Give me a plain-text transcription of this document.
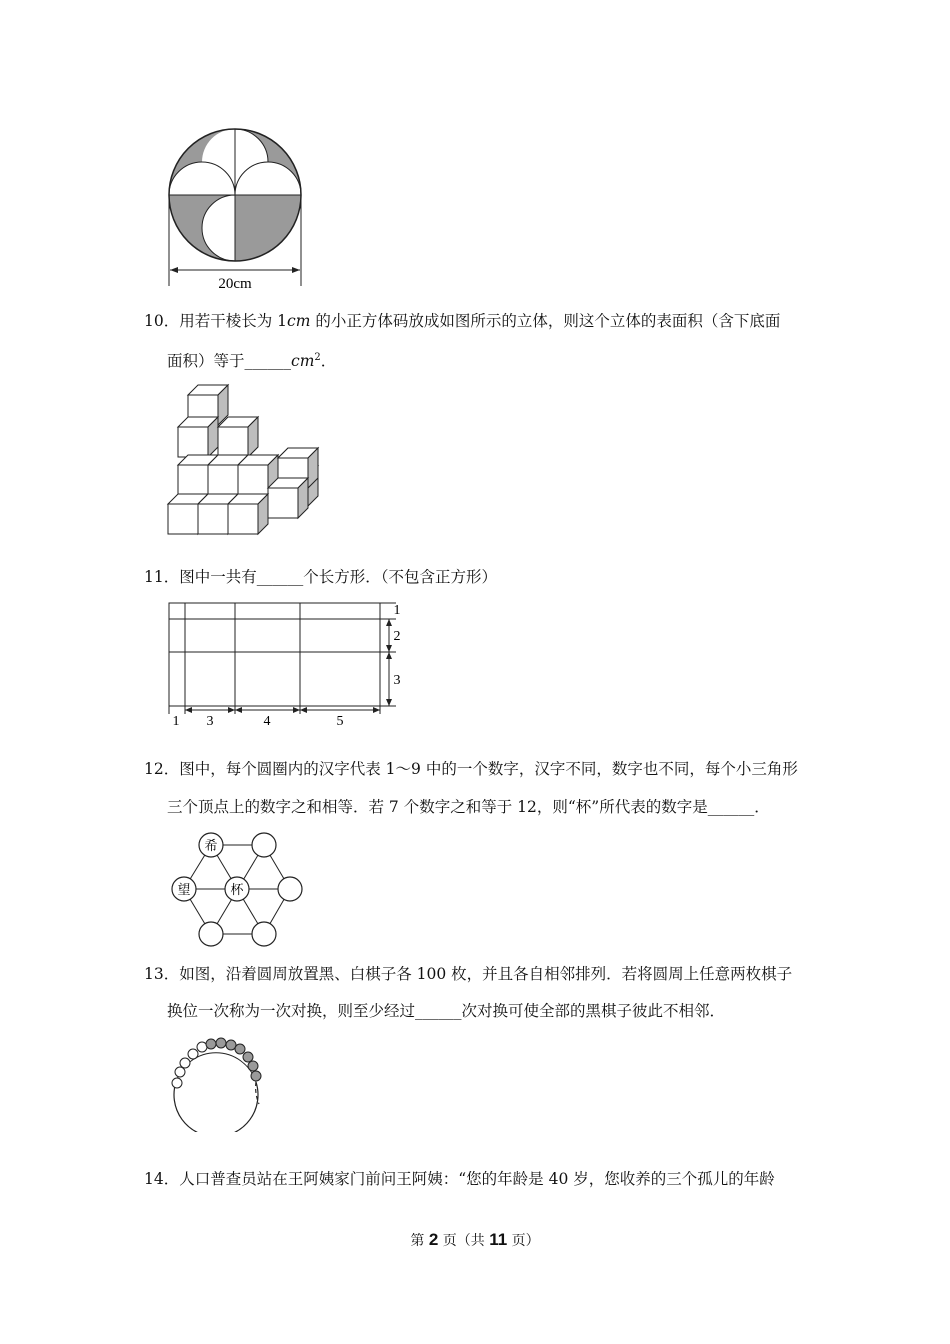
20cm
10．用若干棱长为 1cm 的小正方体码放成如图所示的立体，则这个立体的表面积（含下底面
面积）等于$\_\_\_\_\_\_cm^2$．
11．图中一共有______个长方形．（不包含正方形）
1 3	4	5
1
2
3
12．图中，每个圆圈内的汉字代表 1～9 中的一个数字，汉字不同，数字也不同，每个小三角形
三个顶点上的数字之和相等．若 7 个数字之和等于 12，则“杯”所代表的数字是______．
希
望	杯
13．如图，沿着圆周放置黑、白棋子各 100 枚，并且各自相邻排列．若将圆周上任意两枚棋子
换位一次称为一次对换，则至少经过______次对换可使全部的黑棋子彼此不相邻．
14．人口普查员站在王阿姨家门前问王阿姨：“您的年龄是 40 岁，您收养的三个孤儿的年龄
第 2 页（共 11 页）
